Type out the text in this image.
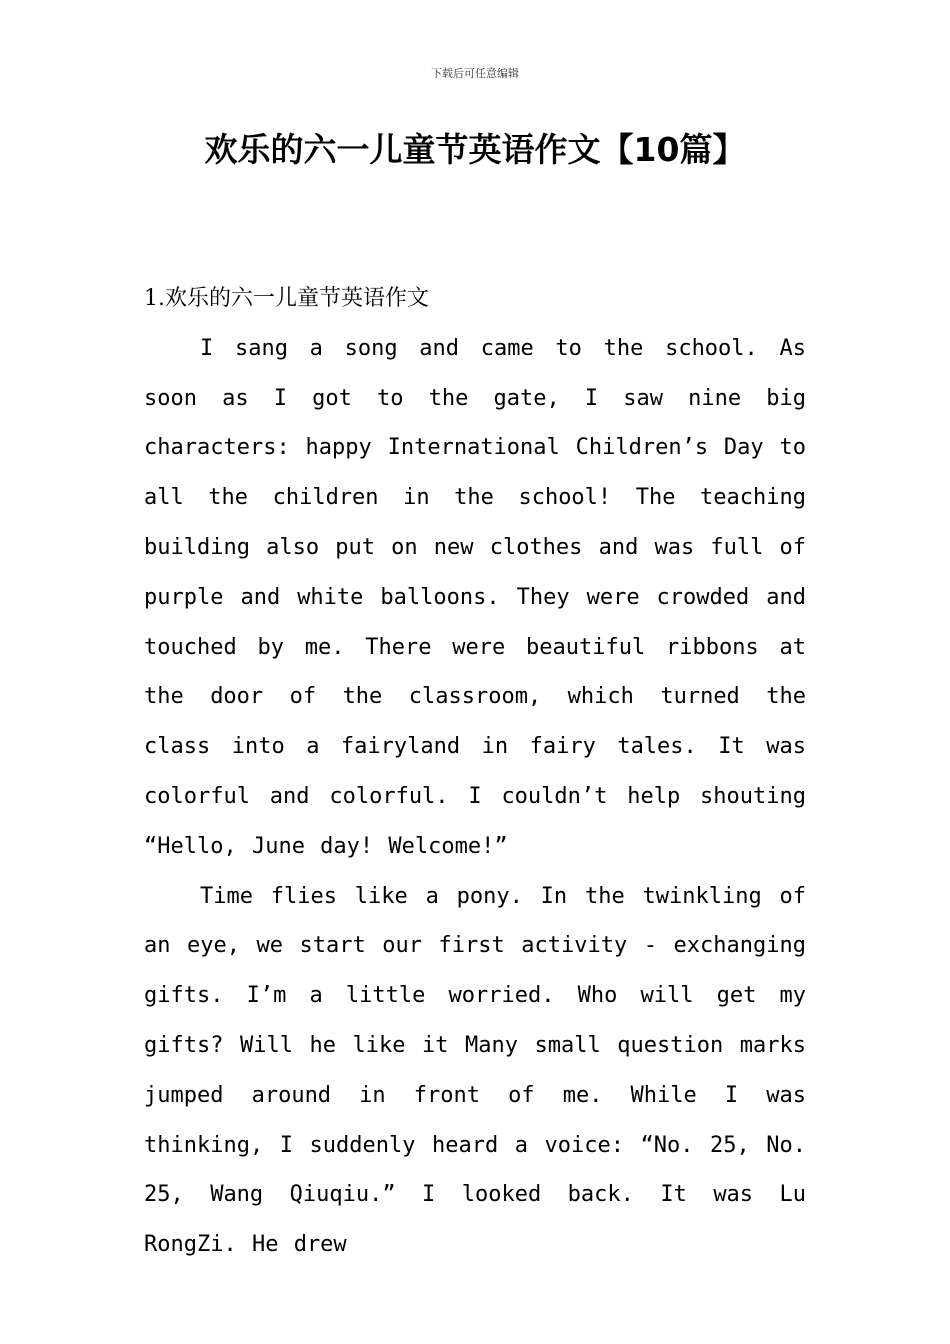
下载后可任意编辑
欢乐的六一儿童节英语作文【10篇】

1.欢乐的六一儿童节英语作文

I sang a song and came to the school. As soon as I got to the gate, I saw nine big characters: happy International Children’s Day to all the children in the school! The teaching building also put on new clothes and was full of purple and white balloons. They were crowded and touched by me. There were beautiful ribbons at the door of the classroom, which turned the class into a fairyland in fairy tales. It was colorful and colorful. I couldn’t help shouting “Hello, June day! Welcome!”

Time flies like a pony. In the twinkling of an eye, we start our first activity - exchanging gifts. I’m a little worried. Who will get my gifts? Will he like it Many small question marks jumped around in front of me. While I was thinking, I suddenly heard a voice: “No. 25, No. 25, Wang Qiuqiu.” I looked back. It was Lu RongZi. He drew
